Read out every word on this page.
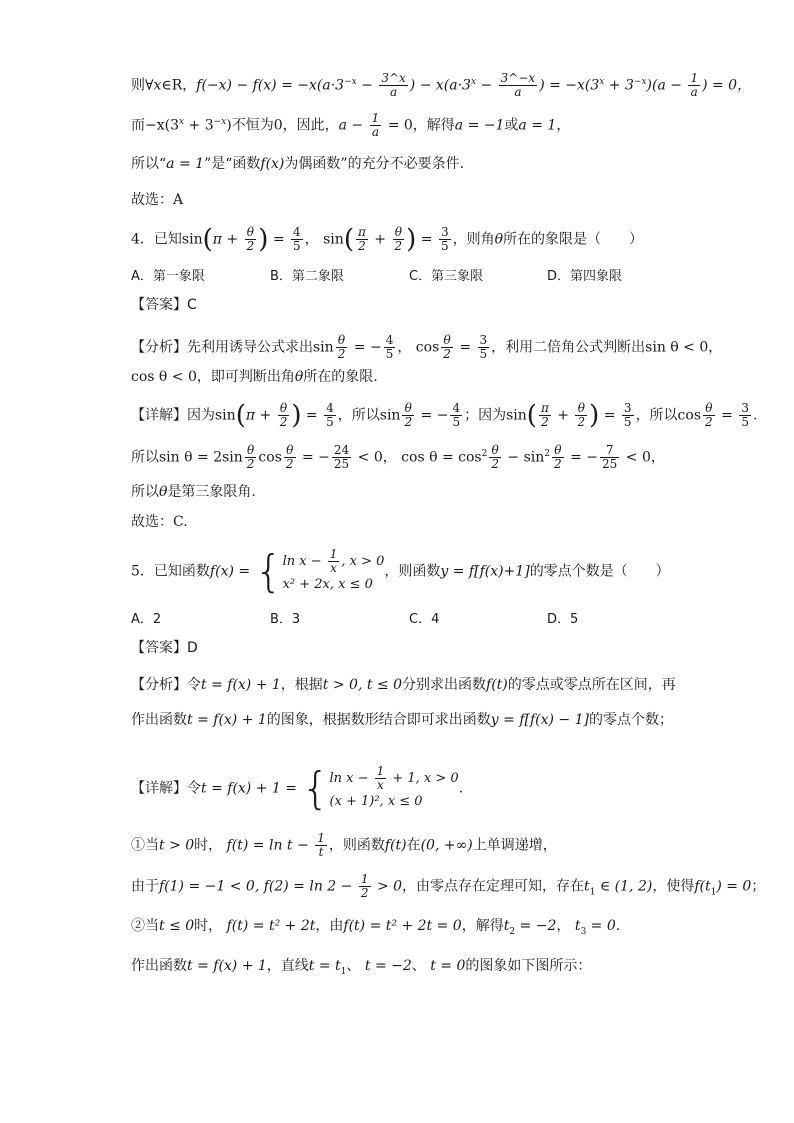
则∀x∈R，$f(-x) - f(x) = -x(a\cdot 3^{-x} - \frac{3\^{}x}{a}$ ) − $x(a\cdot 3^x - \frac{3\^{}-x}{a}$ ) = $-x(3^x + 3^{-x})(a - \frac{1}{a}$ ) = 0，
而$-x(3^x + 3^{-x})$不恒为0，因此，$a - \frac{1}{a} = 0$，解得a = −1或a = 1，
所以“a = 1”是“函数f(x)为偶函数”的充分不必要条件.
故选：A
4．已知$\sin(\pi + \frac{\theta}{2}$ ) = $\frac{4}{5}$ ， $\sin( \frac{\pi}{2} + \frac{\theta}{2}$ ) = $\frac{3}{5}$ ，则角θ所在的象限是（　　）
A．第一象限	B．第二象限	C．第三象限	D．第四象限
【答案】C
【分析】先利用诱导公式求出$\sin \frac{\theta}{2}$ = − $\frac{4}{5}$ ， $\cos \frac{\theta}{2} = \frac{3}{5}$ ，利用二倍角公式判断出sin θ < 0，
cos θ < 0，即可判断出角θ所在的象限.
【详解】因为$\sin(\pi + \frac{\theta}{2}$ ) = $\frac{4}{5}$ ，所以$\sin \frac{\theta}{2}$ = − $\frac{4}{5}$ ；因为$\sin( \frac{\pi}{2} + \frac{\theta}{2}$ ) = $\frac{3}{5}$ ，所以$\cos \frac{\theta}{2} = \frac{3}{5}$ .
所以$\sin \theta = 2\sin \frac{\theta}{2}$ $\cos \frac{\theta}{2}$ = − $\frac{24}{25} < 0$， $\cos \theta = \cos^2 \frac{\theta}{2} - \sin^2 \frac{\theta}{2}$ = − $\frac{7}{25} < 0$，
所以θ是第三象限角.
故选：C.
5．已知函数f(x) = { $\ln x - \frac{1}{x}$ , x > 0
x² + 2x, x ≤ 0
，则函数y = f[f(x)+1]的零点个数是（　　）
A．2	B．3	C．4	D．5
【答案】D
【分析】令t = f(x) + 1，根据t > 0, t ≤ 0分别求出函数f(t)的零点或零点所在区间，再
作出函数t = f(x) + 1的图象，根据数形结合即可求出函数y = f[f(x) − 1]的零点个数；
【详解】令t = f(x) + 1 = { $\ln x - \frac{1}{x} + 1$, x > 0
(x + 1)², x ≤ 0
.
①当t > 0时， $f(t) = \ln t - \frac{1}{t}$ ，则函数f(t)在(0, +∞)上单调递增，
由于f(1) = −1 < 0, $f(2) = \ln 2 - \frac{1}{2} > 0$，由零点存在定理可知，存在$t_1$ ∈ (1, 2)，使得$f(t_1) = 0$；
②当t ≤ 0时， f(t) = t² + 2t，由f(t) = t² + 2t = 0，解得$t_2 = -2$， $t_3 = 0$.
作出函数t = f(x) + 1，直线$t = t_1$、 t = −2、 t = 0的图象如下图所示：
